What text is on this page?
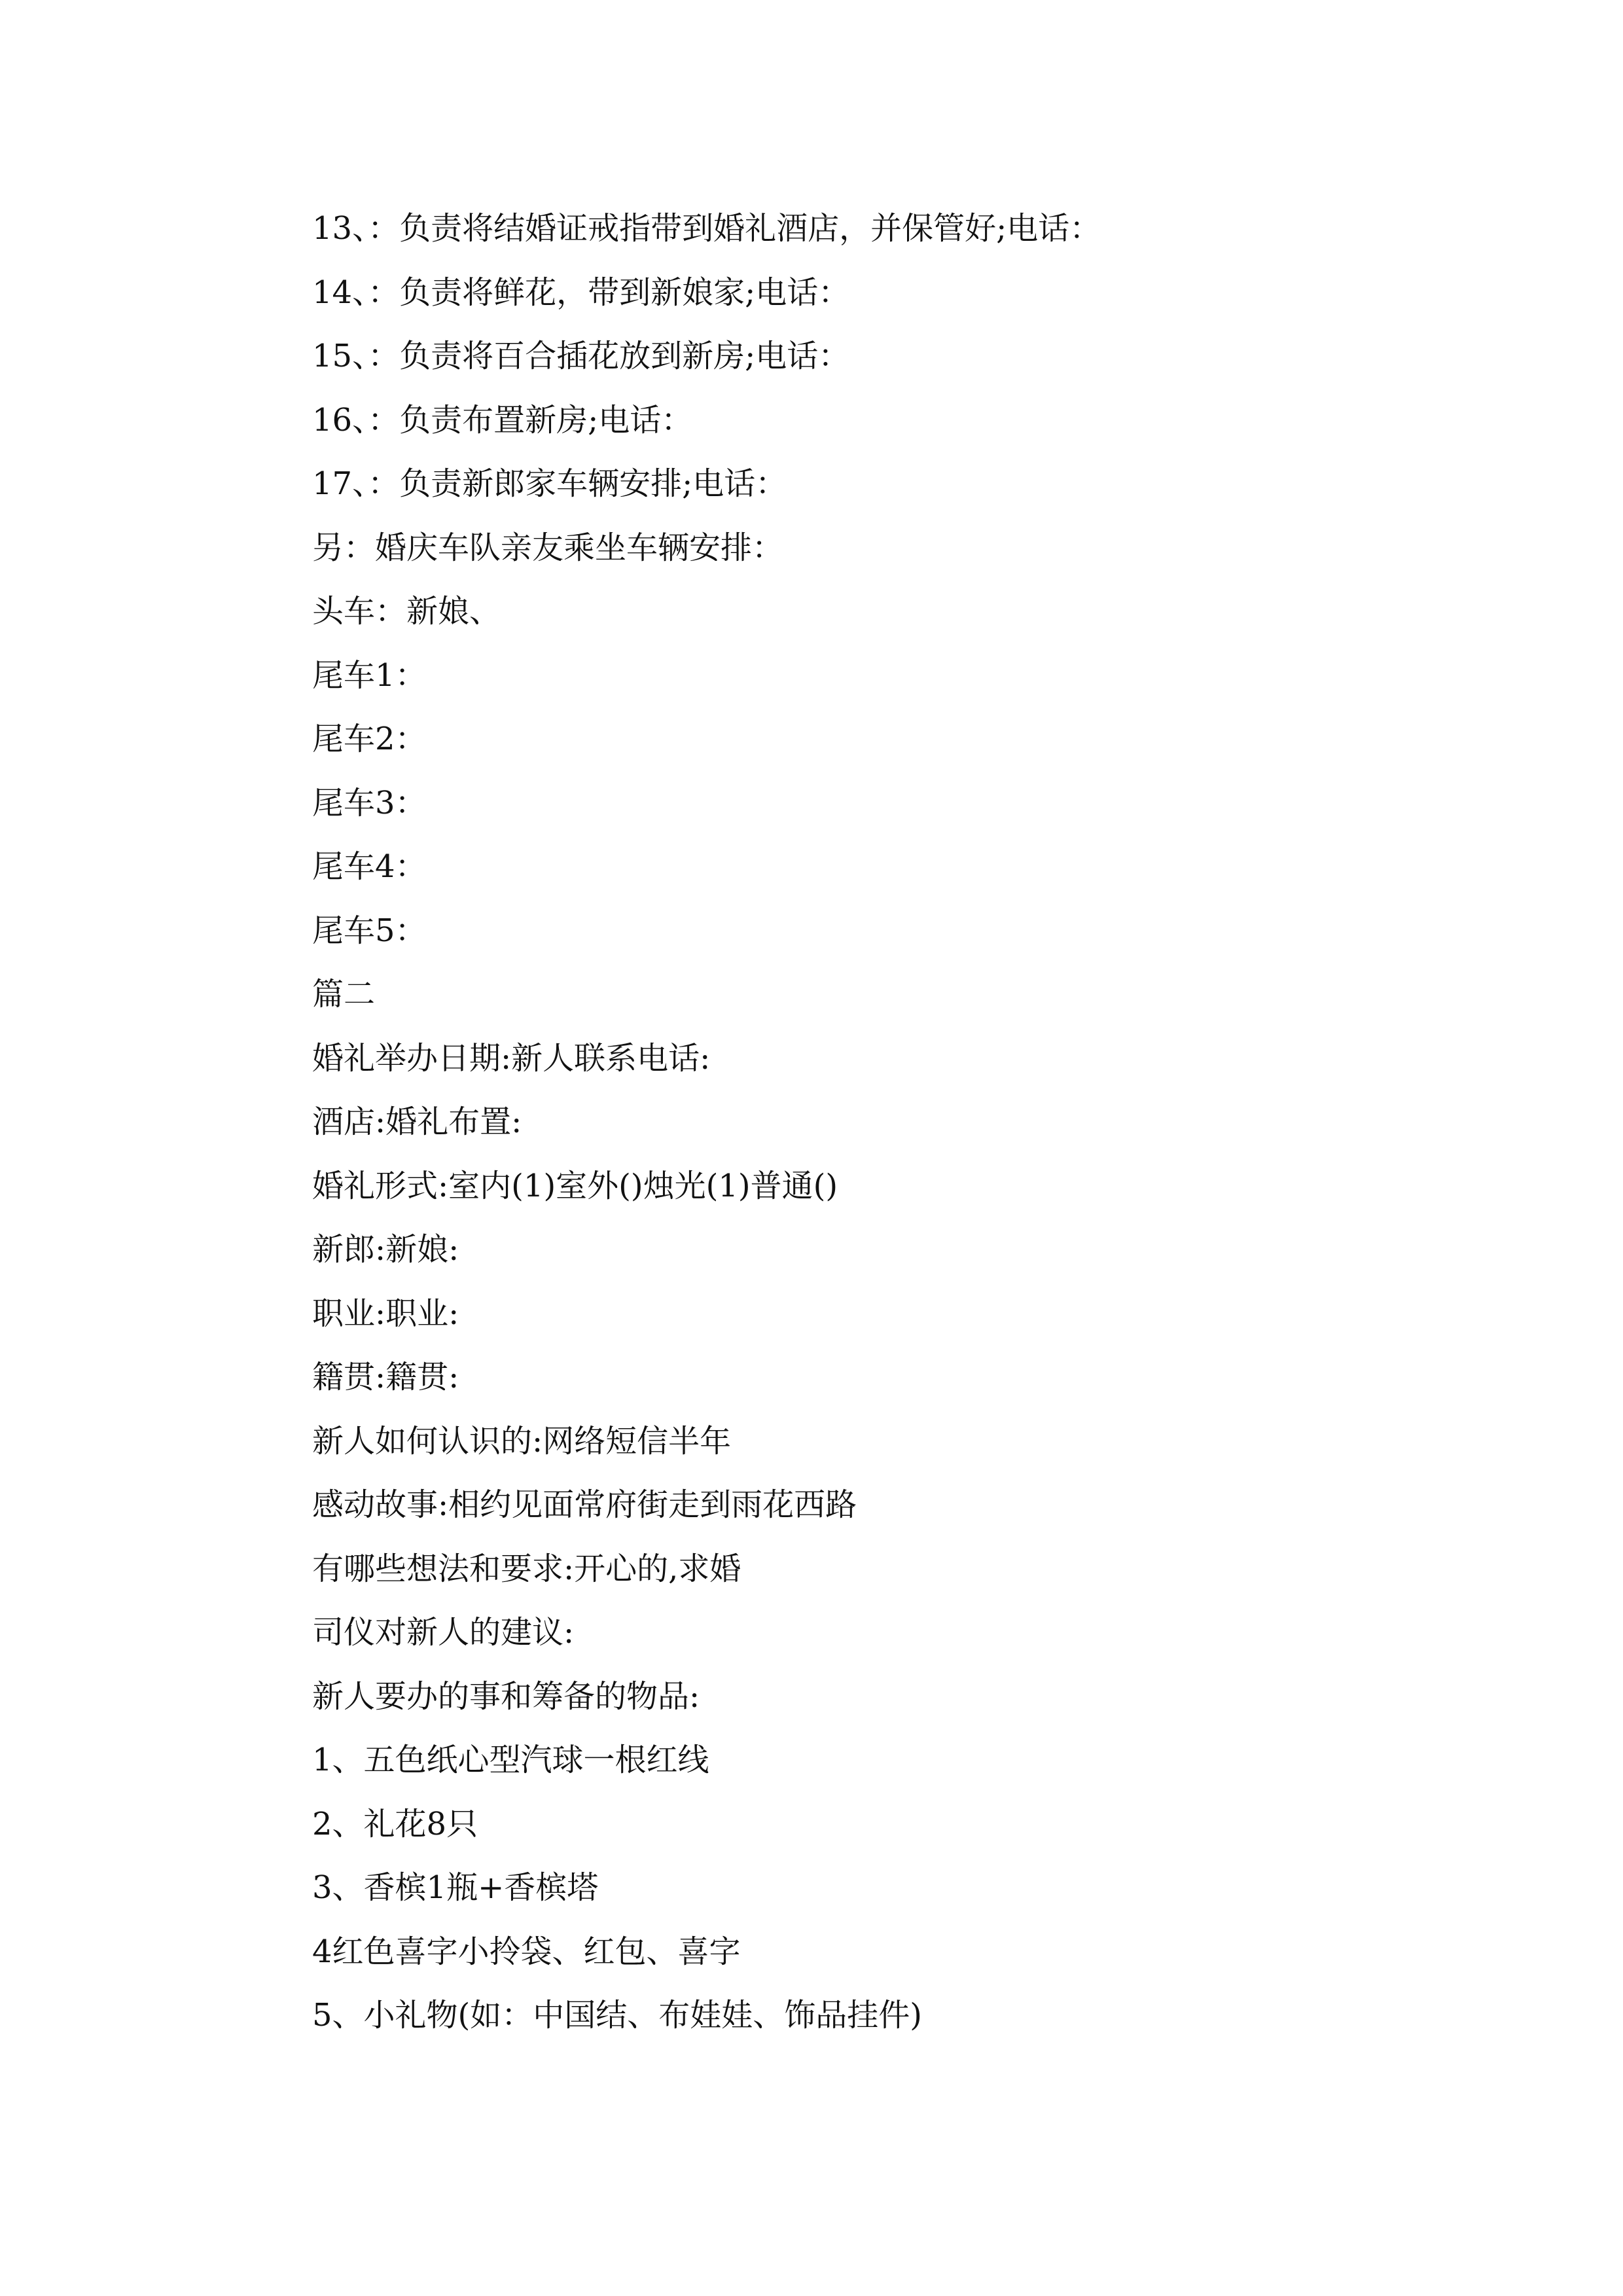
13、：负责将结婚证戒指带到婚礼酒店，并保管好;电话：
14、：负责将鲜花，带到新娘家;电话：
15、：负责将百合插花放到新房;电话：
16、：负责布置新房;电话：
17、：负责新郎家车辆安排;电话：
另：婚庆车队亲友乘坐车辆安排：
头车：新娘、
尾车1：
尾车2：
尾车3：
尾车4：
尾车5：
篇二
婚礼举办日期:新人联系电话:
酒店:婚礼布置:
婚礼形式:室内(1)室外()烛光(1)普通()
新郎:新娘:
职业:职业:
籍贯:籍贯:
新人如何认识的:网络短信半年
感动故事:相约见面常府街走到雨花西路
有哪些想法和要求:开心的,求婚
司仪对新人的建议:
新人要办的事和筹备的物品:
1、五色纸心型汽球一根红线
2、礼花8只
3、香槟1瓶+香槟塔
4红色喜字小拎袋、红包、喜字
5、小礼物(如：中国结、布娃娃、饰品挂件)
